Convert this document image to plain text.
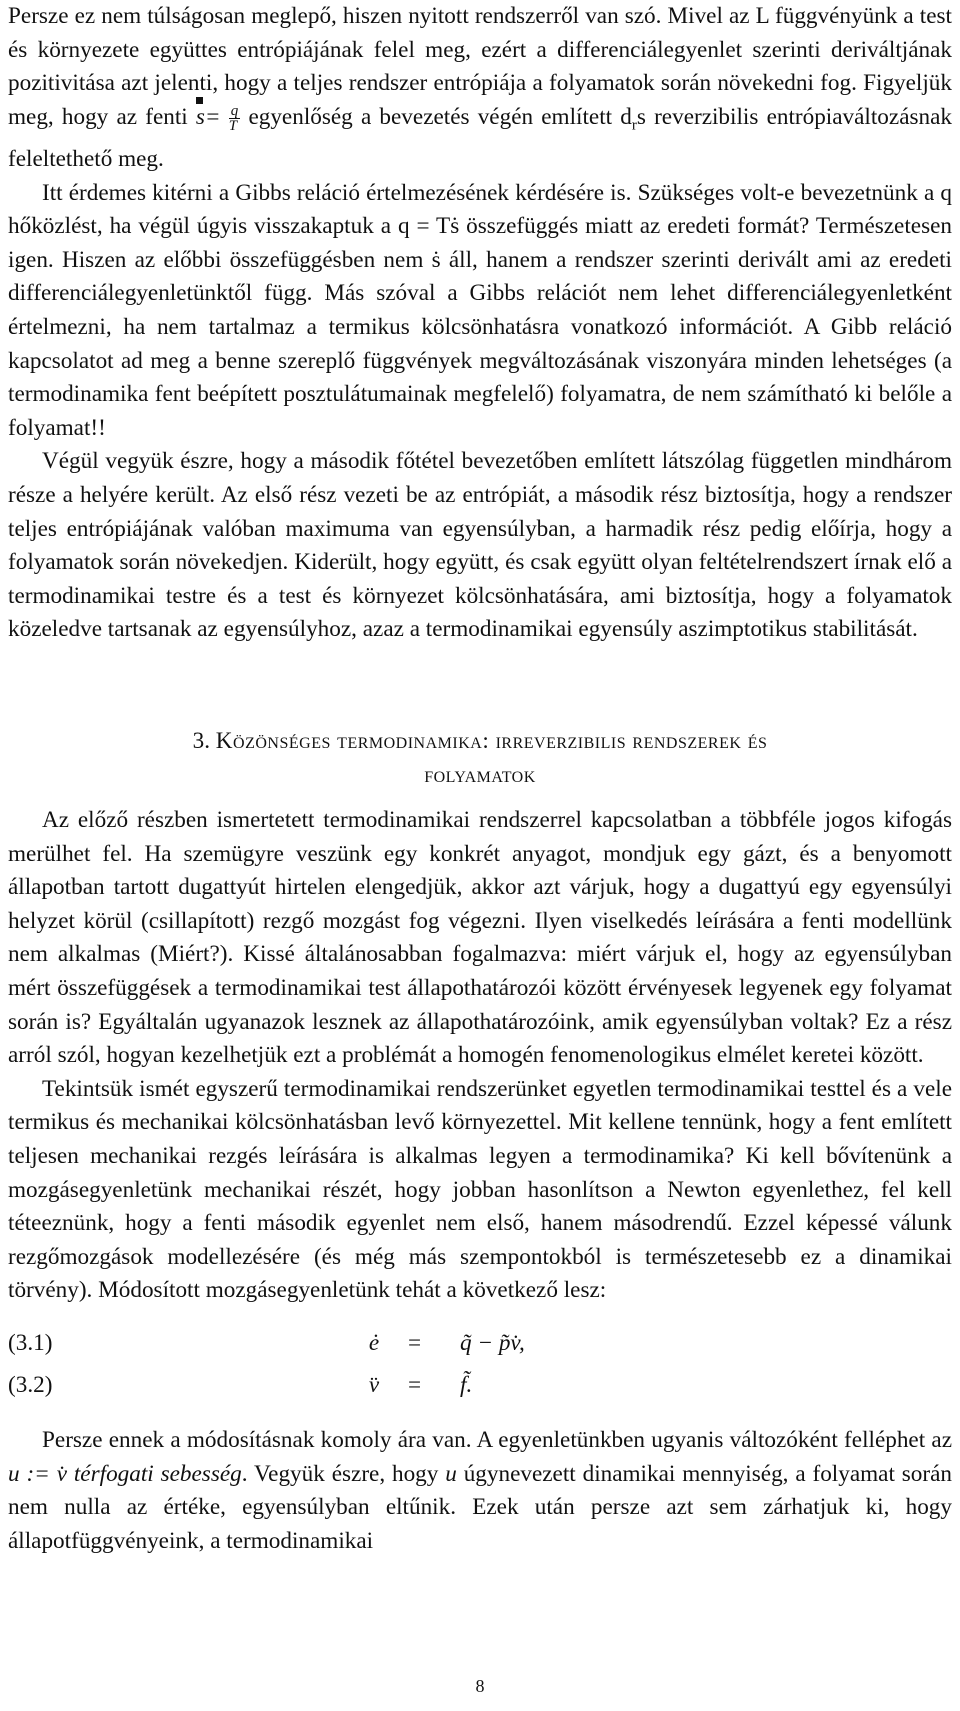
Persze ez nem túlságosan meglepő, hiszen nyitott rendszerről van szó. Mivel az L függvényünk a test és környezete együttes entrópiájának felel meg, ezért a differenciálegyenlet szerinti deriváltjának pozitivitása azt jelenti, hogy a teljes rendszer entrópiája a folyamatok során növekedni fog. Figyeljük meg, hogy az fenti
$s= \frac{q}{T}$ egyenlőség a bevezetés végén említett $d_rs$ reverzibilis entrópiaváltozásnak feleltethető meg.

Itt érdemes kitérni a Gibbs reláció értelmezésének kérdésére is. Szükséges volt-e bevezetnünk a q hőközlést, ha végül úgyis visszakaptuk a q = Tṡ összefüggés miatt az eredeti formát? Természetesen igen. Hiszen az előbbi összefüggésben nem ṡ áll, hanem a rendszer szerinti derivált ami az eredeti differenciálegyenletünktől függ. Más szóval a Gibbs relációt nem lehet differenciálegyenletként értelmezni, ha nem tartalmaz a termikus kölcsönhatásra vonatkozó információt. A Gibb reláció kapcsolatot ad meg a benne szereplő függvények megváltozásának viszonyára minden lehetséges (a termodinamika fent beépített posztulátumainak megfelelő) folyamatra, de nem számítható ki belőle a folyamat!!

Végül vegyük észre, hogy a második főtétel bevezetőben említett látszólag független mindhárom része a helyére került. Az első rész vezeti be az entrópiát, a második rész biztosítja, hogy a rendszer teljes entrópiájának valóban maximuma van egyensúlyban, a harmadik rész pedig előírja, hogy a folyamatok során növekedjen. Kiderült, hogy együtt, és csak együtt olyan feltételrendszert írnak elő a termodinamikai testre és a test és környezet kölcsönhatására, ami biztosítja, hogy a folyamatok közeledve tartsanak az egyensúlyhoz, azaz a termodinamikai egyensúly aszimptotikus stabilitását.

3. Közönséges termodinamika: irreverzibilis rendszerek és
folyamatok

Az előző részben ismertetett termodinamikai rendszerrel kapcsolatban a többféle jogos kifogás merülhet fel. Ha szemügyre veszünk egy konkrét anyagot, mondjuk egy gázt, és a benyomott állapotban tartott dugattyút hirtelen elengedjük, akkor azt várjuk, hogy a dugattyú egy egyensúlyi helyzet körül (csillapított) rezgő mozgást fog végezni. Ilyen viselkedés leírására a fenti modellünk nem alkalmas (Miért?). Kissé általánosabban fogalmazva: miért várjuk el, hogy az egyensúlyban mért összefüggések a termodinamikai test állapothatározói között érvényesek legyenek egy folyamat során is? Egyáltalán ugyanazok lesznek az állapothatározóink, amik egyensúlyban voltak? Ez a rész arról szól, hogyan kezelhetjük ezt a problémát a homogén fenomenologikus elmélet keretei között.

Tekintsük ismét egyszerű termodinamikai rendszerünket egyetlen termodinamikai testtel és a vele termikus és mechanikai kölcsönhatásban levő környezettel. Mit kellene tennünk, hogy a fent említett teljesen mechanikai rezgés leírására is alkalmas legyen a termodinamika? Ki kell bővítenünk a mozgásegyenletünk mechanikai részét, hogy jobban hasonlítson a Newton egyenlethez, fel kell téteeznünk, hogy a fenti második egyenlet nem első, hanem másodrendű. Ezzel képessé válunk rezgőmozgások modellezésére (és még más szempontokból is természetesebb ez a dinamikai törvény). Módosított mozgásegyenletünk tehát a következő lesz:

(3.1)	ė = q̃ − p̃v̇,
(3.2)	v̈ = f̃.

Persze ennek a módosításnak komoly ára van. A egyenletünkben ugyanis változóként felléphet az u := v̇ térfogati sebesség. Vegyük észre, hogy u úgynevezett dinamikai mennyiség, a folyamat során nem nulla az értéke, egyensúlyban eltűnik. Ezek után persze azt sem zárhatjuk ki, hogy állapotfüggvényeink, a termodinamikai

8
